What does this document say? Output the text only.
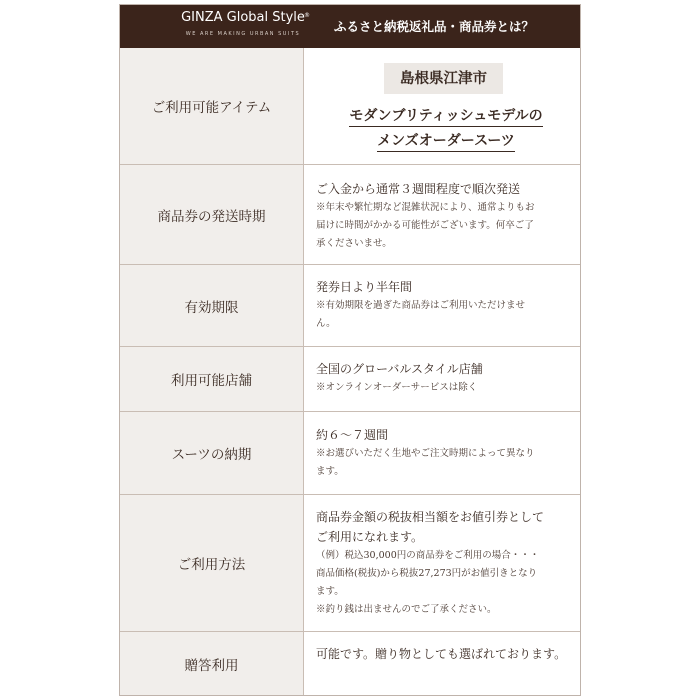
GINZA Global Style ®
WE ARE MAKING URBAN SUITS	ふるさと納税返礼品・商品券とは？
ご利用可能アイテム
島根県江津市
モダンブリティッシュモデルの
メンズオーダースーツ
商品券の発送時期
ご入金から通常３週間程度で順次発送
※年末や繁忙期など混雑状況により、通常よりもお
届けに時間がかかる可能性がございます。何卒ご了
承くださいませ。
有効期限
発券日より半年間
※有効期限を過ぎた商品券はご利用いただけませ
ん。
利用可能店舗
全国のグローバルスタイル店舗
※オンラインオーダーサービスは除く
スーツの納期
約６～７週間
※お選びいただく生地やご注文時期によって異なり
ます。
ご利用方法
商品券金額の税抜相当額をお値引券として
ご利用になれます。
（例）税込30,000円の商品券をご利用の場合・・・
商品価格(税抜)から税抜27,273円がお値引きとなり
ます。
※釣り銭は出ませんのでご了承ください。
贈答利用
可能です。贈り物としても選ばれております。
